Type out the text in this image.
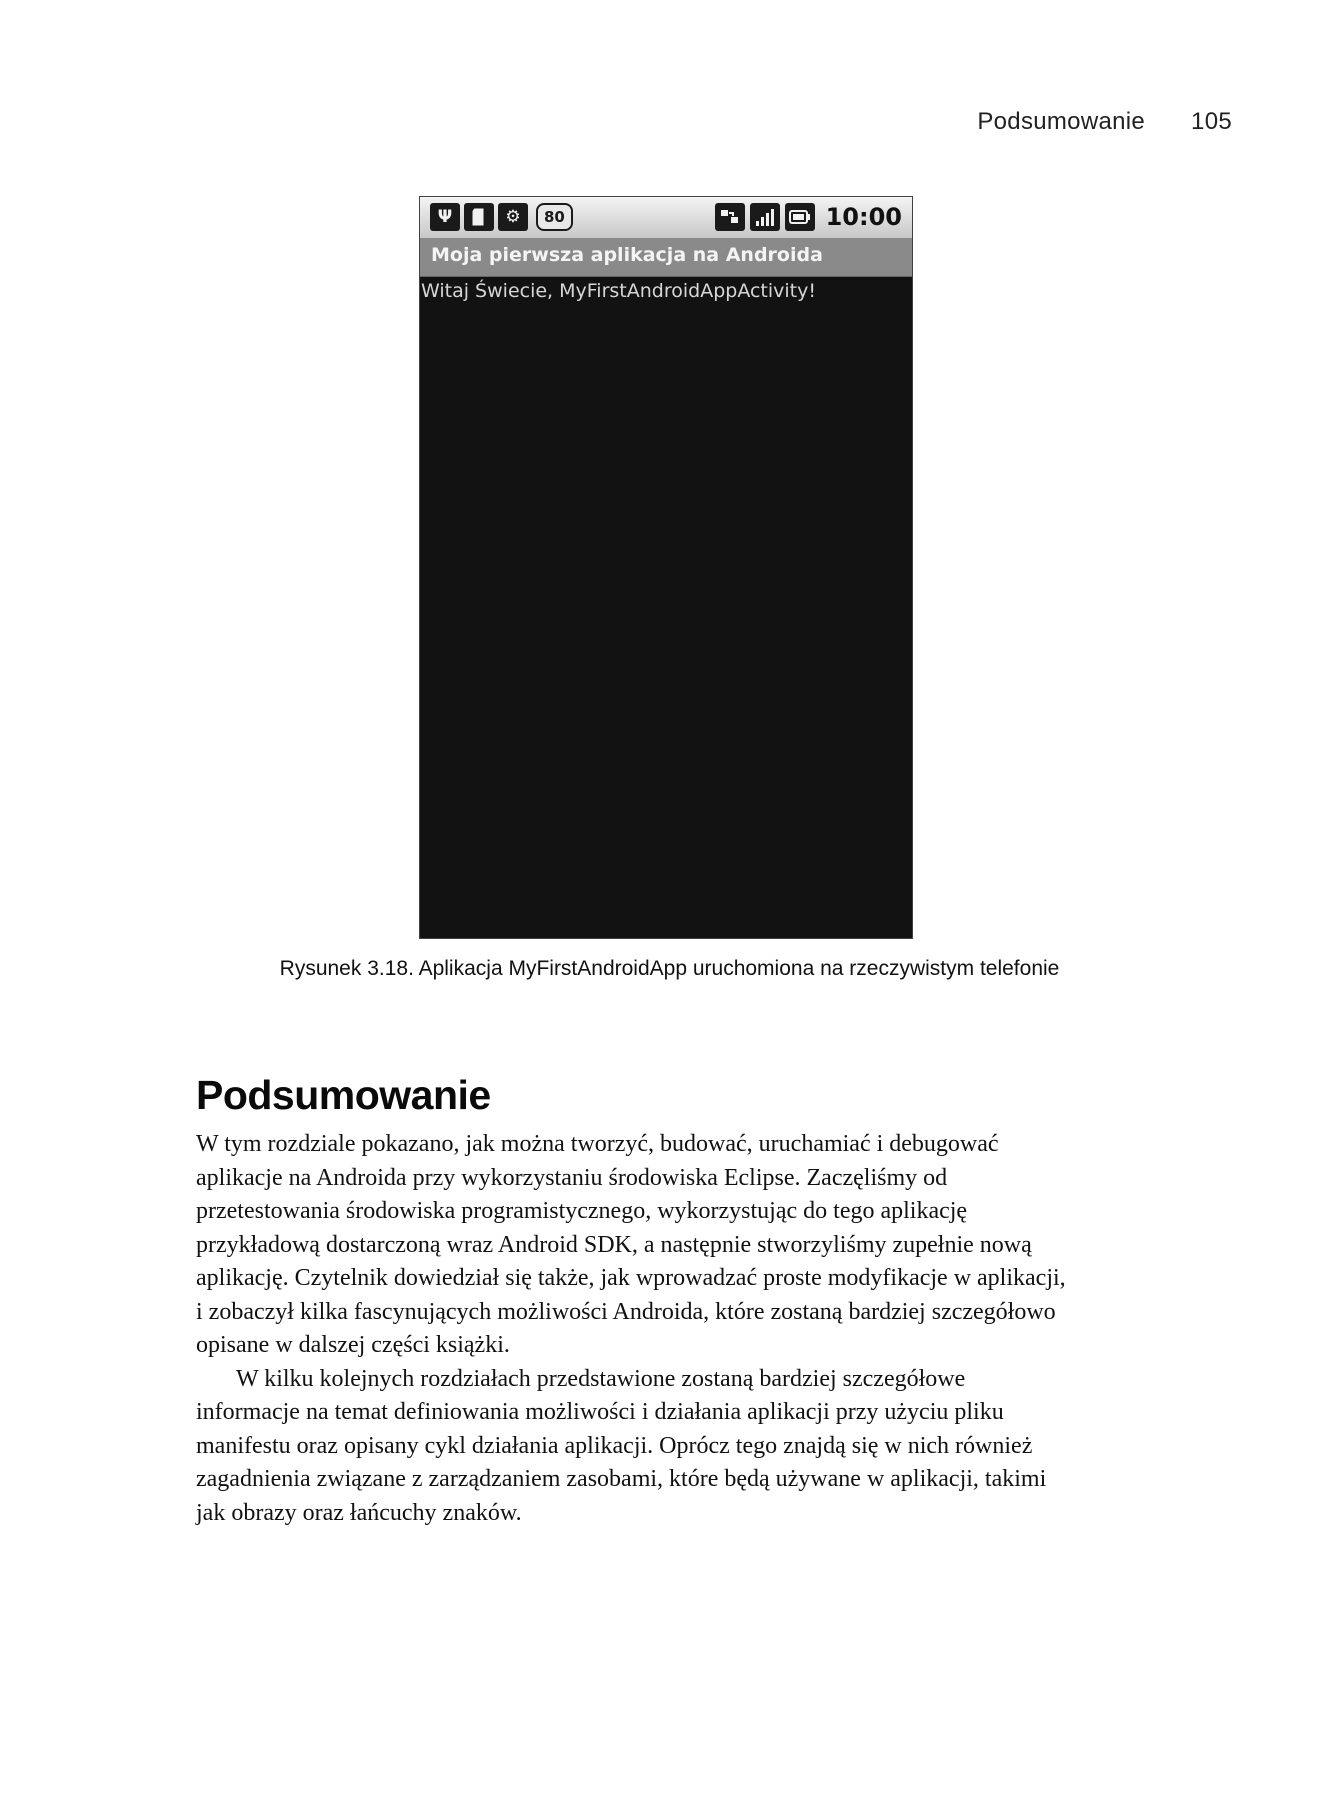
Podsumowanie 105
Ψ	⚙	80	10:00
Moja pierwsza aplikacja na Androida
Witaj Świecie, MyFirstAndroidAppActivity!
Rysunek 3.18. Aplikacja MyFirstAndroidApp uruchomiona na rzeczywistym telefonie
Podsumowanie

W tym rozdziale pokazano, jak można tworzyć, budować, uruchamiać i debugować
aplikacje na Androida przy wykorzystaniu środowiska Eclipse. Zaczęliśmy od
przetestowania środowiska programistycznego, wykorzystując do tego aplikację
przykładową dostarczoną wraz Android SDK, a następnie stworzyliśmy zupełnie nową
aplikację. Czytelnik dowiedział się także, jak wprowadzać proste modyfikacje w aplikacji,
i zobaczył kilka fascynujących możliwości Androida, które zostaną bardziej szczegółowo
opisane w dalszej części książki.

W kilku kolejnych rozdziałach przedstawione zostaną bardziej szczegółowe
informacje na temat definiowania możliwości i działania aplikacji przy użyciu pliku
manifestu oraz opisany cykl działania aplikacji. Oprócz tego znajdą się w nich również
zagadnienia związane z zarządzaniem zasobami, które będą używane w aplikacji, takimi
jak obrazy oraz łańcuchy znaków.
